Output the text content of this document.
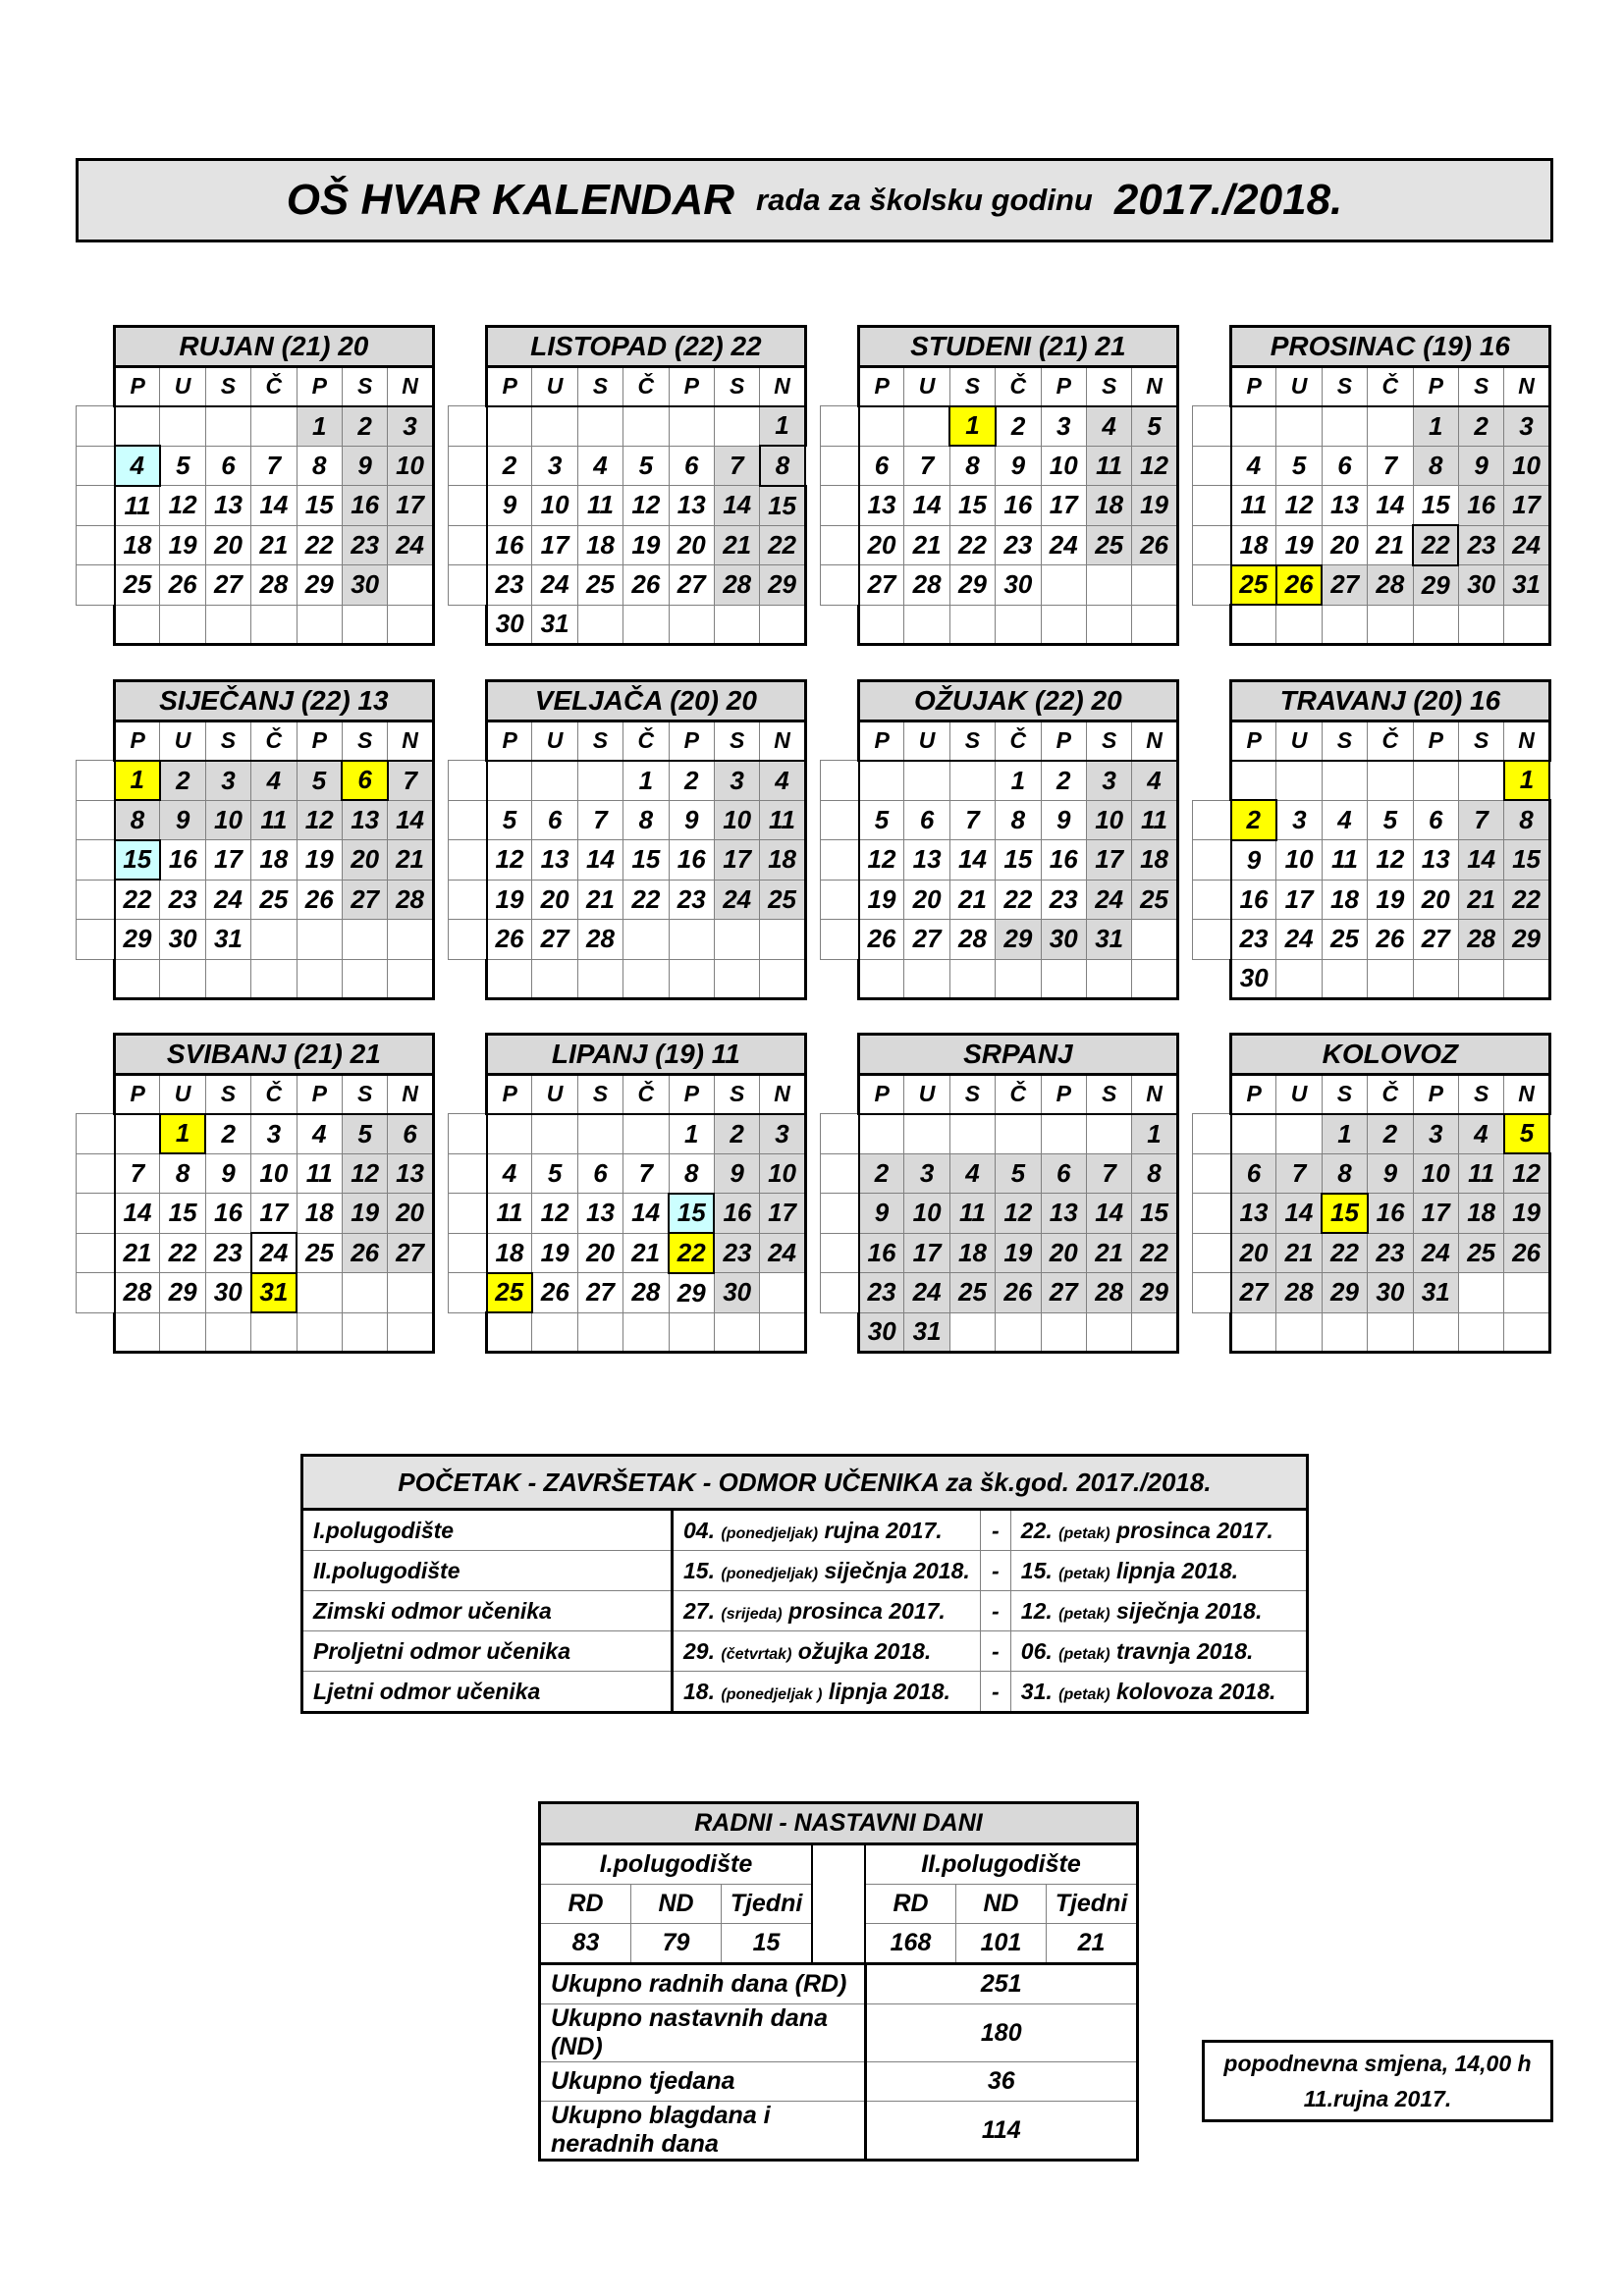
OŠ HVAR KALENDAR rada za školsku godinu 2017./2018.
	RUJAN (21) 20						
	P	U	S	Č	P	S	N
					1	2	3
	4	5	6	7	8	9	10
	11	12	13	14	15	16	17
	18	19	20	21	22	23	24
	25	26	27	28	29	30	

	LISTOPAD (22) 22						
	P	U	S	Č	P	S	N
							1
	2	3	4	5	6	7	8
	9	10	11	12	13	14	15
	16	17	18	19	20	21	22
	23	24	25	26	27	28	29
	30	31					
	STUDENI (21) 21						
	P	U	S	Č	P	S	N
			1	2	3	4	5
	6	7	8	9	10	11	12
	13	14	15	16	17	18	19
	20	21	22	23	24	25	26
	27	28	29	30			

	PROSINAC (19) 16						
	P	U	S	Č	P	S	N
					1	2	3
	4	5	6	7	8	9	10
	11	12	13	14	15	16	17
	18	19	20	21	22	23	24
	25	26	27	28	29	30	31

	SIJEČANJ (22) 13						
	P	U	S	Č	P	S	N
	1	2	3	4	5	6	7
	8	9	10	11	12	13	14
	15	16	17	18	19	20	21
	22	23	24	25	26	27	28
	29	30	31				

	VELJAČA (20) 20						
	P	U	S	Č	P	S	N
				1	2	3	4
	5	6	7	8	9	10	11
	12	13	14	15	16	17	18
	19	20	21	22	23	24	25
	26	27	28				

	OŽUJAK (22) 20						
	P	U	S	Č	P	S	N
				1	2	3	4
	5	6	7	8	9	10	11
	12	13	14	15	16	17	18
	19	20	21	22	23	24	25
	26	27	28	29	30	31	

	TRAVANJ (20) 16						
	P	U	S	Č	P	S	N
							1
	2	3	4	5	6	7	8
	9	10	11	12	13	14	15
	16	17	18	19	20	21	22
	23	24	25	26	27	28	29
	30						
	SVIBANJ (21) 21						
	P	U	S	Č	P	S	N
		1	2	3	4	5	6
	7	8	9	10	11	12	13
	14	15	16	17	18	19	20
	21	22	23	24	25	26	27
	28	29	30	31			

	LIPANJ (19) 11						
	P	U	S	Č	P	S	N
					1	2	3
	4	5	6	7	8	9	10
	11	12	13	14	15	16	17
	18	19	20	21	22	23	24
	25	26	27	28	29	30	

	SRPANJ						
	P	U	S	Č	P	S	N
							1
	2	3	4	5	6	7	8
	9	10	11	12	13	14	15
	16	17	18	19	20	21	22
	23	24	25	26	27	28	29
	30	31					
	KOLOVOZ						
	P	U	S	Č	P	S	N
			1	2	3	4	5
	6	7	8	9	10	11	12
	13	14	15	16	17	18	19
	20	21	22	23	24	25	26
	27	28	29	30	31		

POČETAK - ZAVRŠETAK - ODMOR UČENIKA za šk.god. 2017./2018.			
I.polugodište	04. (ponedjeljak) rujna 2017.	-	22. (petak) prosinca 2017.
II.polugodište	15. (ponedjeljak) siječnja 2018.	-	15. (petak) lipnja 2018.
Zimski odmor učenika	27. (srijeda) prosinca 2017.	-	12. (petak) siječnja 2018.
Proljetni odmor učenika	29. (četvrtak) ožujka 2018.	-	06. (petak) travnja 2018.
Ljetni odmor učenika	18. (ponedjeljak ) lipnja 2018.	-	31. (petak) kolovoza 2018.
RADNI - NASTAVNI DANI						
I.polugodište				II.polugodište		
RD	ND	Tjedni		RD	ND	Tjedni
83	79	15		168	101	21
Ukupno radnih dana (RD)				251		
Ukupno nastavnih dana (ND)				180		
Ukupno tjedana				36		
Ukupno blagdana i neradnih dana				114		
popodnevna smjena, 14,00 h
11.rujna 2017.
